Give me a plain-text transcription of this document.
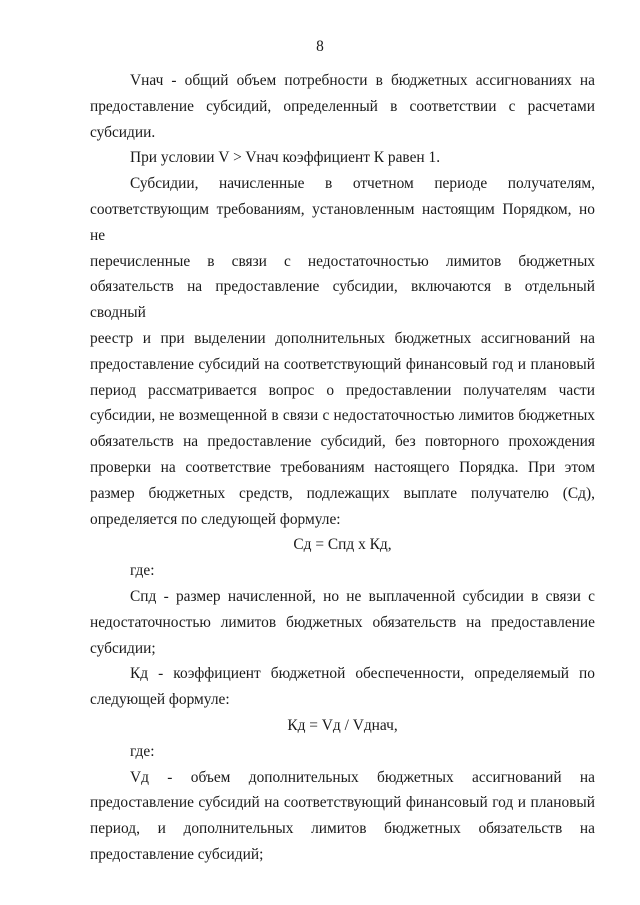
8

Vнач - общий объем потребности в бюджетных ассигнованиях на

предоставление субсидий, определенный в соответствии с расчетами

субсидии.

При условии V > Vнач коэффициент К равен 1.

Субсидии, начисленные в отчетном периоде получателям,

соответствующим требованиям, установленным настоящим Порядком, но не

перечисленные в связи с недостаточностью лимитов бюджетных

обязательств на предоставление субсидии, включаются в отдельный сводный

реестр и при выделении дополнительных бюджетных ассигнований на

предоставление субсидий на соответствующий финансовый год и плановый

период рассматривается вопрос о предоставлении получателям части

субсидии, не возмещенной в связи с недостаточностью лимитов бюджетных

обязательств на предоставление субсидий, без повторного прохождения

проверки на соответствие требованиям настоящего Порядка. При этом

размер бюджетных средств, подлежащих выплате получателю (Сд),

определяется по следующей формуле:

Сд = Спд х Кд,

где:

Спд - размер начисленной, но не выплаченной субсидии в связи с

недостаточностью лимитов бюджетных обязательств на предоставление

субсидии;

Кд - коэффициент бюджетной обеспеченности, определяемый по

следующей формуле:

Кд = Vд / Vднач,

где:

Vд - объем дополнительных бюджетных ассигнований на

предоставление субсидий на соответствующий финансовый год и плановый

период, и дополнительных лимитов бюджетных обязательств на

предоставление субсидий;
